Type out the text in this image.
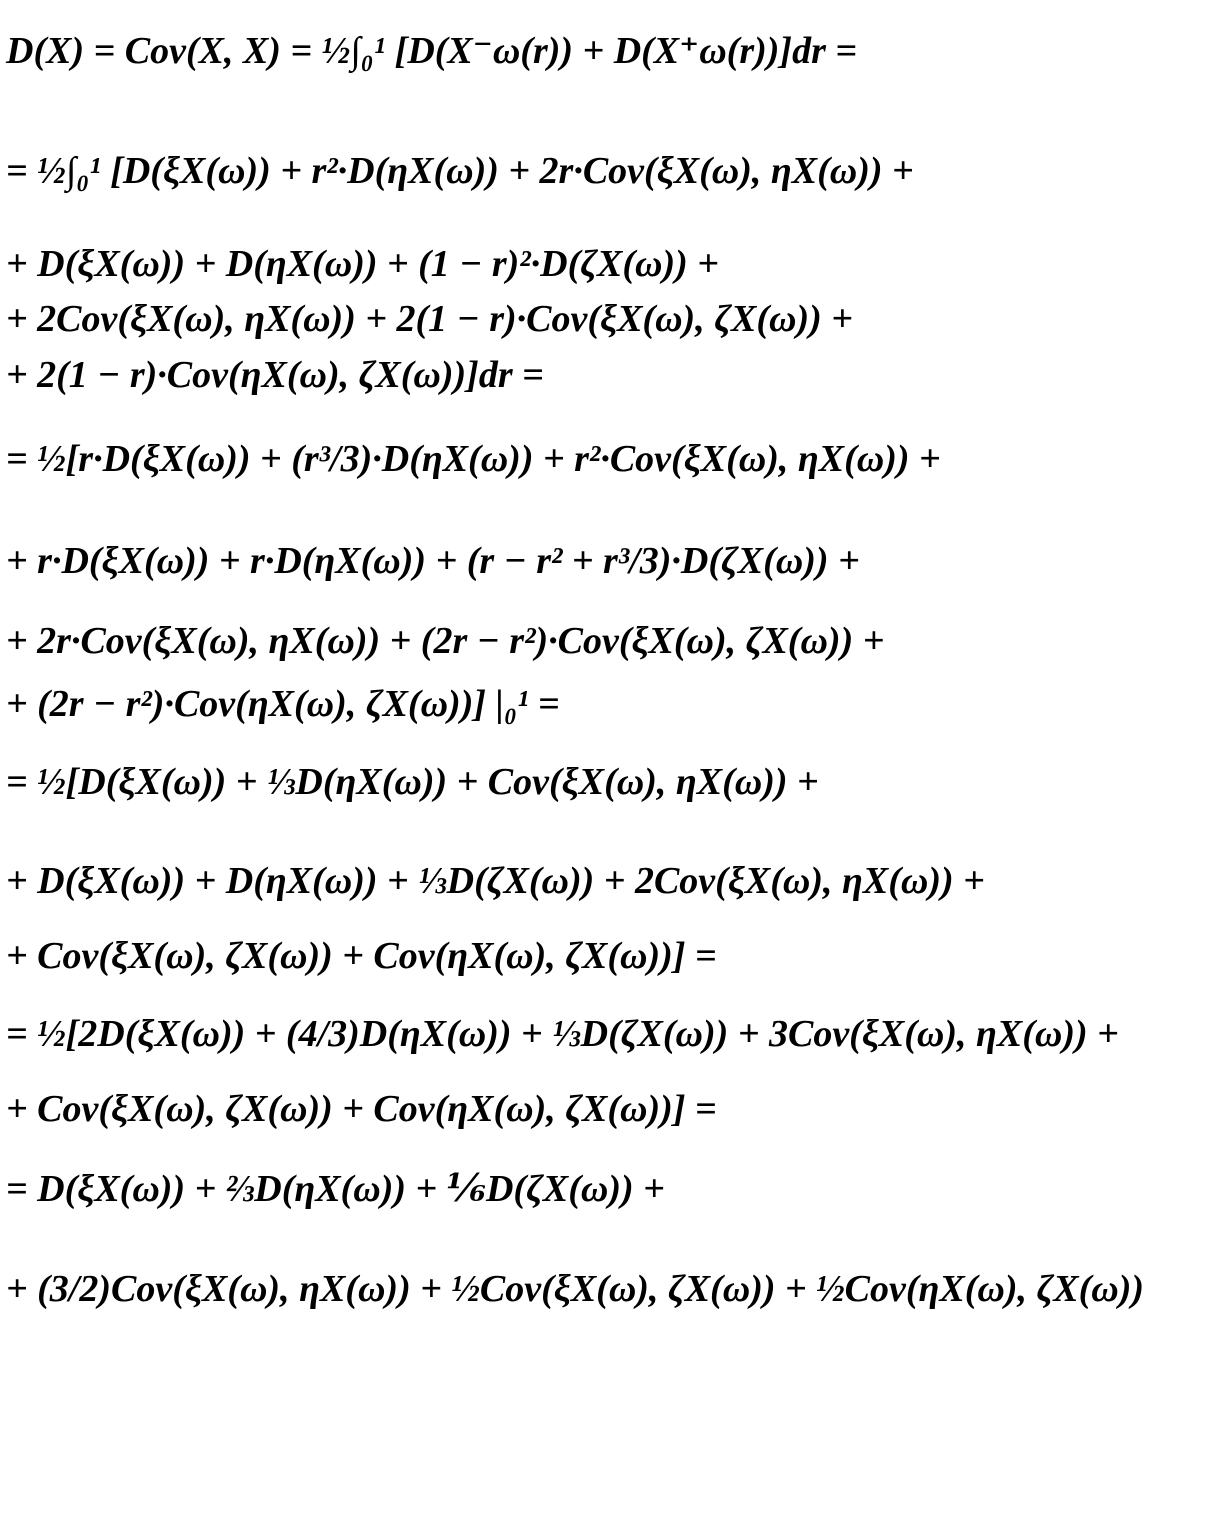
D(X) = Cov(X, X) = ½∫₀¹ [D(X⁻ω(r)) + D(X⁺ω(r))]dr =
= ½∫₀¹ [D(ξX(ω)) + r²·D(ηX(ω)) + 2r·Cov(ξX(ω), ηX(ω)) +
+ D(ξX(ω)) + D(ηX(ω)) + (1 − r)²·D(ζX(ω)) +
+ 2Cov(ξX(ω), ηX(ω)) + 2(1 − r)·Cov(ξX(ω), ζX(ω)) +
+ 2(1 − r)·Cov(ηX(ω), ζX(ω))]dr =
= ½[r·D(ξX(ω)) + (r³/3)·D(ηX(ω)) + r²·Cov(ξX(ω), ηX(ω)) +
+ r·D(ξX(ω)) + r·D(ηX(ω)) + (r − r² + r³/3)·D(ζX(ω)) +
+ 2r·Cov(ξX(ω), ηX(ω)) + (2r − r²)·Cov(ξX(ω), ζX(ω)) +
+ (2r − r²)·Cov(ηX(ω), ζX(ω))] |₀¹ =
= ½[D(ξX(ω)) + ⅓D(ηX(ω)) + Cov(ξX(ω), ηX(ω)) +
+ D(ξX(ω)) + D(ηX(ω)) + ⅓D(ζX(ω)) + 2Cov(ξX(ω), ηX(ω)) +
+ Cov(ξX(ω), ζX(ω)) + Cov(ηX(ω), ζX(ω))] =
= ½[2D(ξX(ω)) + (4/3)D(ηX(ω)) + ⅓D(ζX(ω)) + 3Cov(ξX(ω), ηX(ω)) +
+ Cov(ξX(ω), ζX(ω)) + Cov(ηX(ω), ζX(ω))] =
= D(ξX(ω)) + ⅔D(ηX(ω)) + ⅙D(ζX(ω)) +
+ (3/2)Cov(ξX(ω), ηX(ω)) + ½Cov(ξX(ω), ζX(ω)) + ½Cov(ηX(ω), ζX(ω))
